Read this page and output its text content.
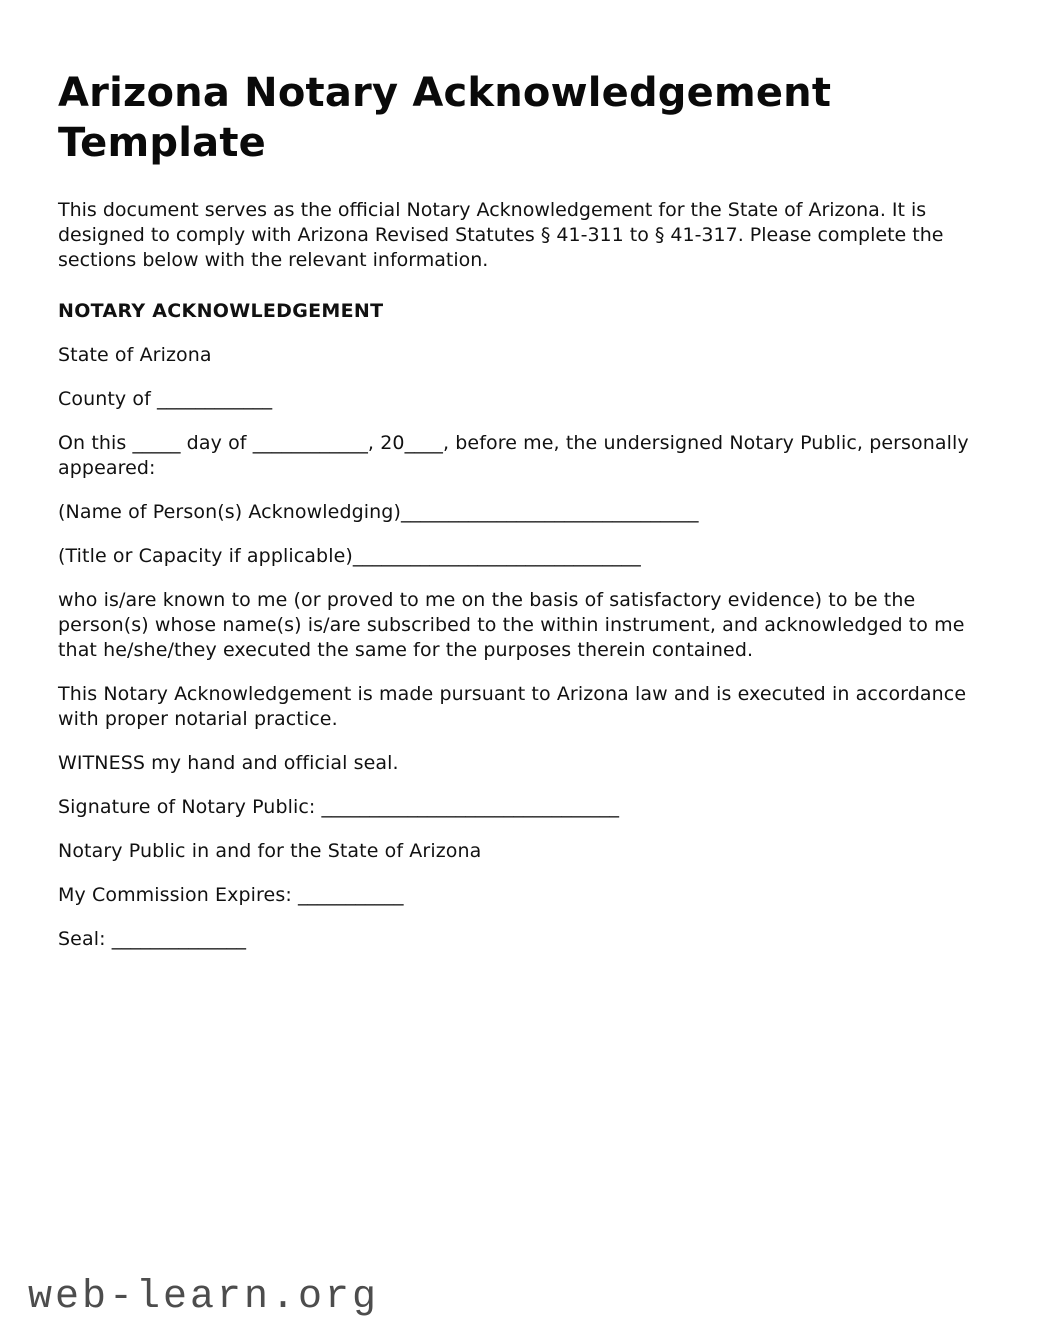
Arizona Notary Acknowledgement Template

This document serves as the official Notary Acknowledgement for the State of Arizona. It is designed to comply with Arizona Revised Statutes § 41-311 to § 41-317. Please complete the sections below with the relevant information.

NOTARY ACKNOWLEDGEMENT

State of Arizona

County of ____________

On this _____ day of ____________, 20____, before me, the undersigned Notary Public, personally appeared:

(Name of Person(s) Acknowledging)_______________________________

(Title or Capacity if applicable)______________________________

who is/are known to me (or proved to me on the basis of satisfactory evidence) to be the person(s) whose name(s) is/are subscribed to the within instrument, and acknowledged to me that he/she/they executed the same for the purposes therein contained.

This Notary Acknowledgement is made pursuant to Arizona law and is executed in accordance with proper notarial practice.

WITNESS my hand and official seal.

Signature of Notary Public: _______________________________

Notary Public in and for the State of Arizona

My Commission Expires: ___________

Seal: ______________

web-learn.org
